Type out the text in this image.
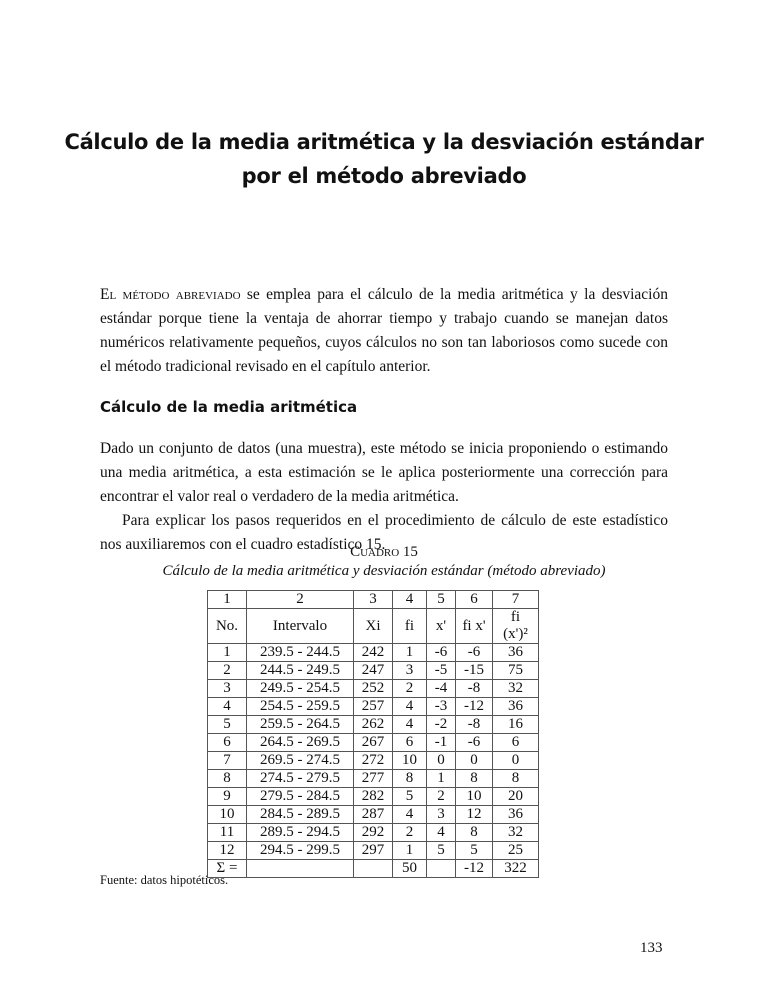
Cálculo de la media aritmética y la desviación estándar
por el método abreviado
El método abreviado se emplea para el cálculo de la media aritmética y la desviación estándar porque tiene la ventaja de ahorrar tiempo y trabajo cuando se manejan datos numéricos relativamente pequeños, cuyos cálculos no son tan laboriosos como sucede con el método tradicional revisado en el capítulo anterior.
Cálculo de la media aritmética
Dado un conjunto de datos (una muestra), este método se inicia proponiendo o estimando una media aritmética, a esta estimación se le aplica posteriormente una corrección para encontrar el valor real o verdadero de la media aritmética.
Para explicar los pasos requeridos en el procedimiento de cálculo de este estadístico nos auxiliaremos con el cuadro estadístico 15.
Cuadro 15
Cálculo de la media aritmética y desviación estándar (método abreviado)
1	2	3	4	5	6	7
No.	Intervalo	Xi	fi	x'	fi x'	fi (x')²
1	239.5 - 244.5	242	1	-6	-6	36
2	244.5 - 249.5	247	3	-5	-15	75
3	249.5 - 254.5	252	2	-4	-8	32
4	254.5 - 259.5	257	4	-3	-12	36
5	259.5 - 264.5	262	4	-2	-8	16
6	264.5 - 269.5	267	6	-1	-6	6
7	269.5 - 274.5	272	10	0	0	0
8	274.5 - 279.5	277	8	1	8	8
9	279.5 - 284.5	282	5	2	10	20
10	284.5 - 289.5	287	4	3	12	36
11	289.5 - 294.5	292	2	4	8	32
12	294.5 - 299.5	297	1	5	5	25
Σ =			50		-12	322
Fuente: datos hipotéticos.
133
